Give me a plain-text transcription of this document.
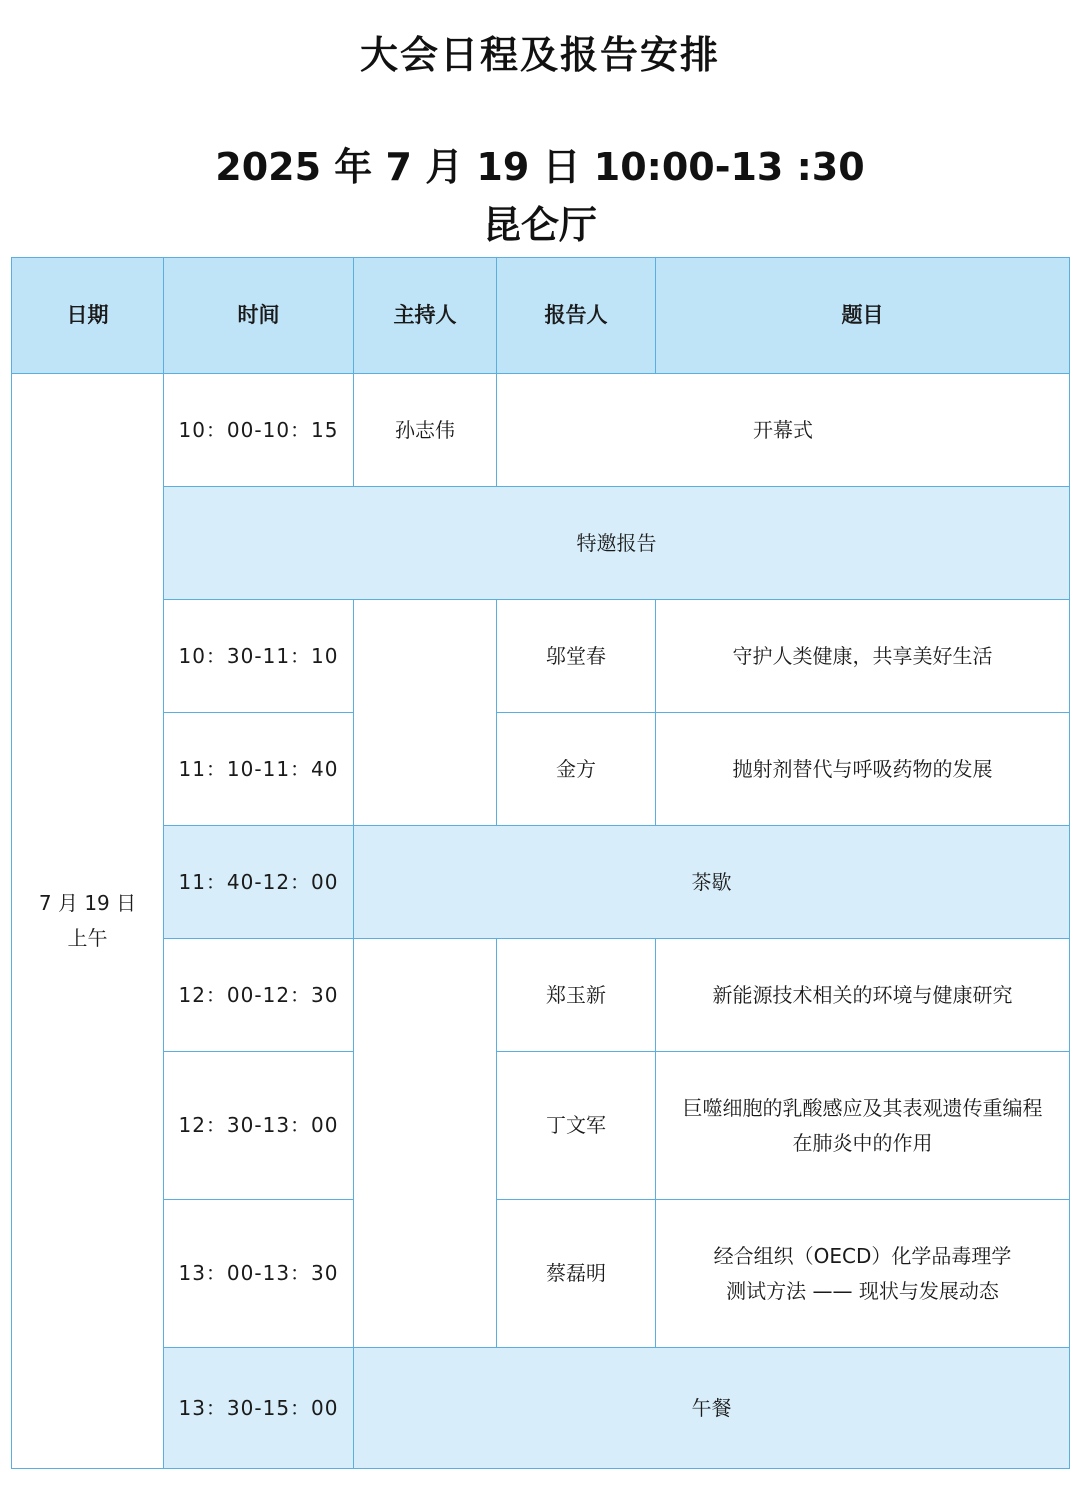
大会日程及报告安排
2025 年 7 月 19 日 10:00-13 :30
昆仑厅
日期	时间	主持人	报告人	题目

7 月 19 日
上午	10：00-10：15	孙志伟	开幕式	
	特邀报告			
	10：30-11：10		邬堂春	守护人类健康，共享美好生活
	11：10-11：40		金方	抛射剂替代与呼吸药物的发展
	11：40-12：00	茶歇		
	12：00-12：30		郑玉新	新能源技术相关的环境与健康研究
	12：30-13：00		丁文军	巨噬细胞的乳酸感应及其表观遗传重编程
在肺炎中的作用

	13：00-13：30		蔡磊明	经合组织（OECD）化学品毒理学
测试方法 —— 现状与发展动态

	13：30-15：00	午餐		
